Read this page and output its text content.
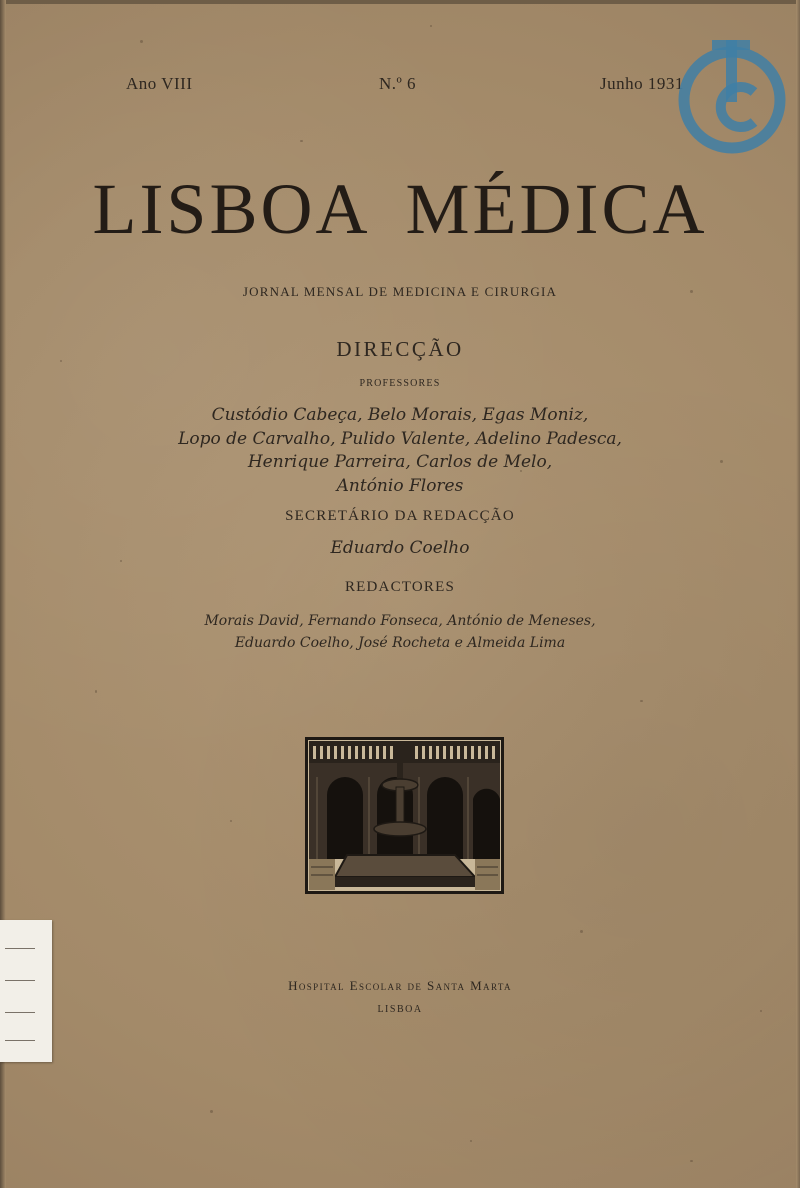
Ano VIII	N.º 6	Junho 1931
LISBOA MÉDICA
JORNAL MENSAL DE MEDICINA E CIRURGIA
DIRECÇÃO
PROFESSORES
Custódio Cabeça, Belo Morais, Egas Moniz,
Lopo de Carvalho, Pulido Valente, Adelino Padesca,
Henrique Parreira, Carlos de Melo,
António Flores
SECRETÁRIO DA REDACÇÃO
Eduardo Coelho
REDACTORES
Morais David, Fernando Fonseca, António de Meneses,
Eduardo Coelho, José Rocheta e Almeida Lima
Hospital Escolar de Santa Marta
LISBOA
